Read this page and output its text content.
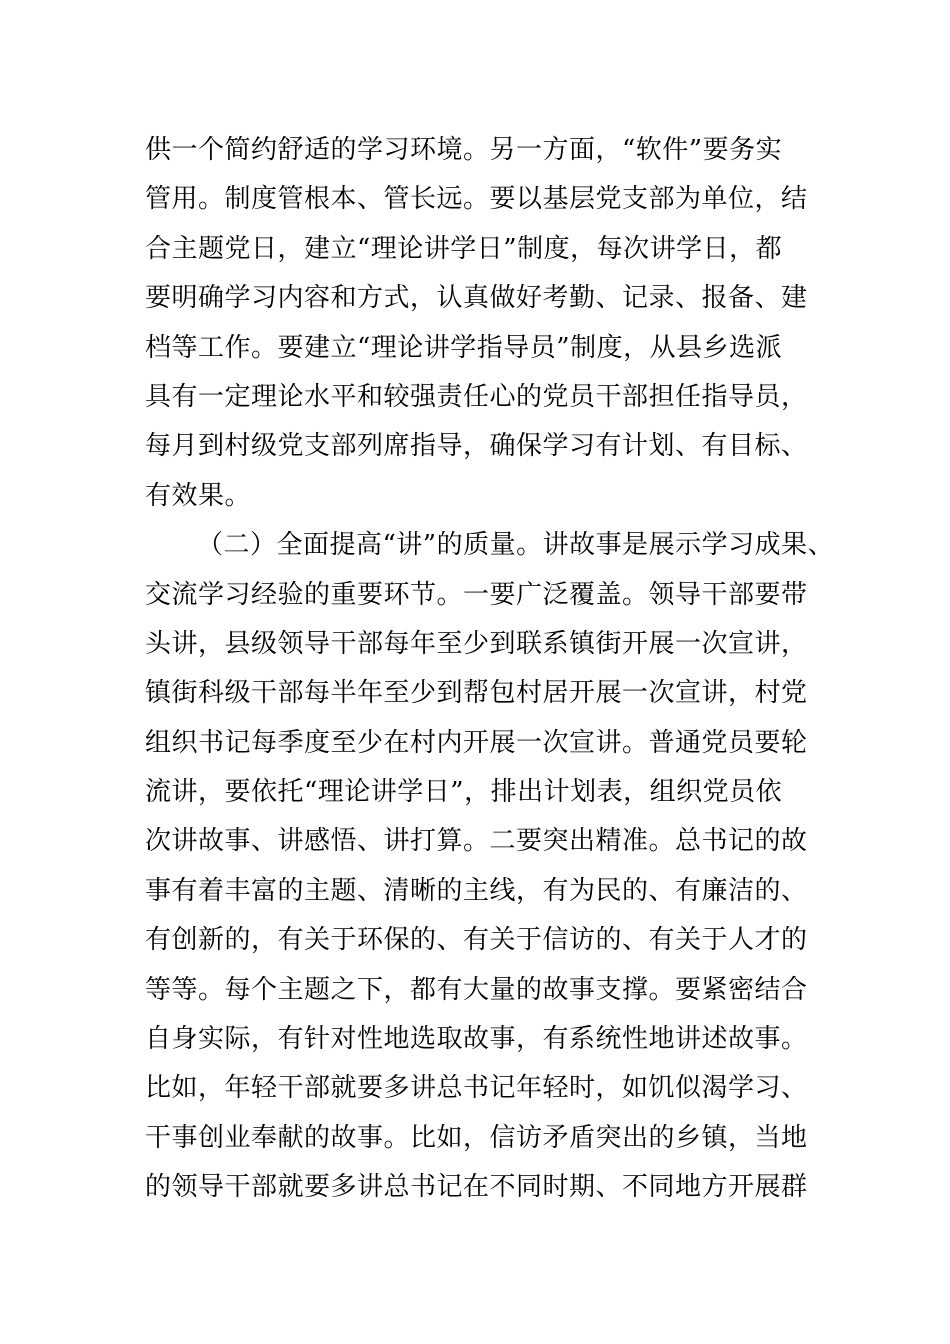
供一个简约舒适的学习环境。另一方面，“软件”要务实
管用。制度管根本、管长远。要以基层党支部为单位，结
合主题党日，建立“理论讲学日”制度，每次讲学日，都
要明确学习内容和方式，认真做好考勤、记录、报备、建
档等工作。要建立“理论讲学指导员”制度，从县乡选派
具有一定理论水平和较强责任心的党员干部担任指导员，
每月到村级党支部列席指导，确保学习有计划、有目标、
有效果。
（二）全面提高“讲”的质量。讲故事是展示学习成果、
交流学习经验的重要环节。一要广泛覆盖。领导干部要带
头讲，县级领导干部每年至少到联系镇街开展一次宣讲，
镇街科级干部每半年至少到帮包村居开展一次宣讲，村党
组织书记每季度至少在村内开展一次宣讲。普通党员要轮
流讲，要依托“理论讲学日”，排出计划表，组织党员依
次讲故事、讲感悟、讲打算。二要突出精准。总书记的故
事有着丰富的主题、清晰的主线，有为民的、有廉洁的、
有创新的，有关于环保的、有关于信访的、有关于人才的
等等。每个主题之下，都有大量的故事支撑。要紧密结合
自身实际，有针对性地选取故事，有系统性地讲述故事。
比如，年轻干部就要多讲总书记年轻时，如饥似渴学习、
干事创业奉献的故事。比如，信访矛盾突出的乡镇，当地
的领导干部就要多讲总书记在不同时期、不同地方开展群
